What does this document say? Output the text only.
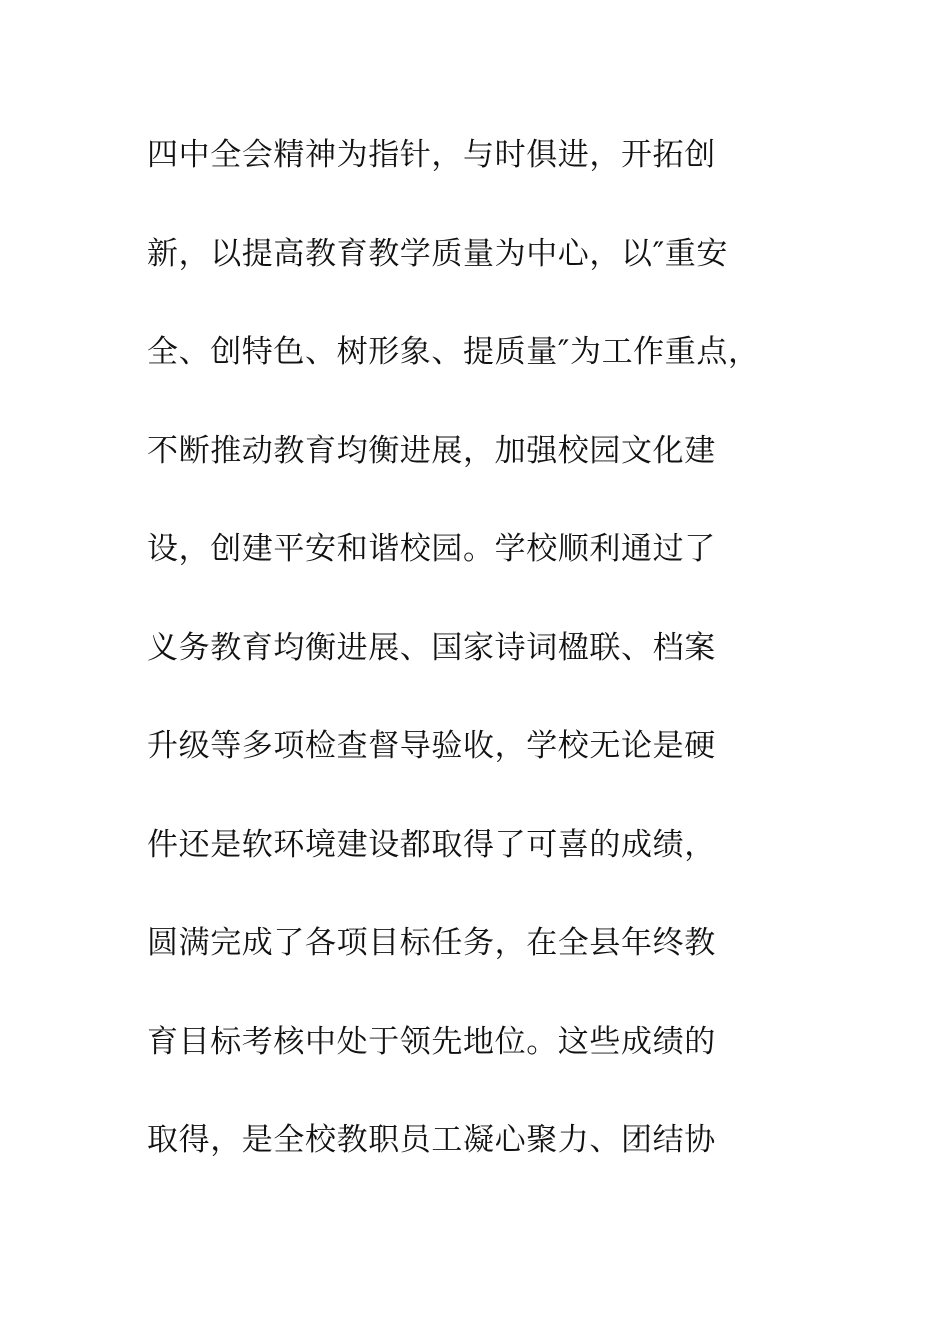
四中全会精神为指针，与时俱进，开拓创
新，以提高教育教学质量为中心，以″重安
全、创特色、树形象、提质量″为工作重点，
不断推动教育均衡进展，加强校园文化建
设，创建平安和谐校园。学校顺利通过了
义务教育均衡进展、国家诗词楹联、档案
升级等多项检查督导验收，学校无论是硬
件还是软环境建设都取得了可喜的成绩，
圆满完成了各项目标任务，在全县年终教
育目标考核中处于领先地位。这些成绩的
取得，是全校教职员工凝心聚力、团结协
